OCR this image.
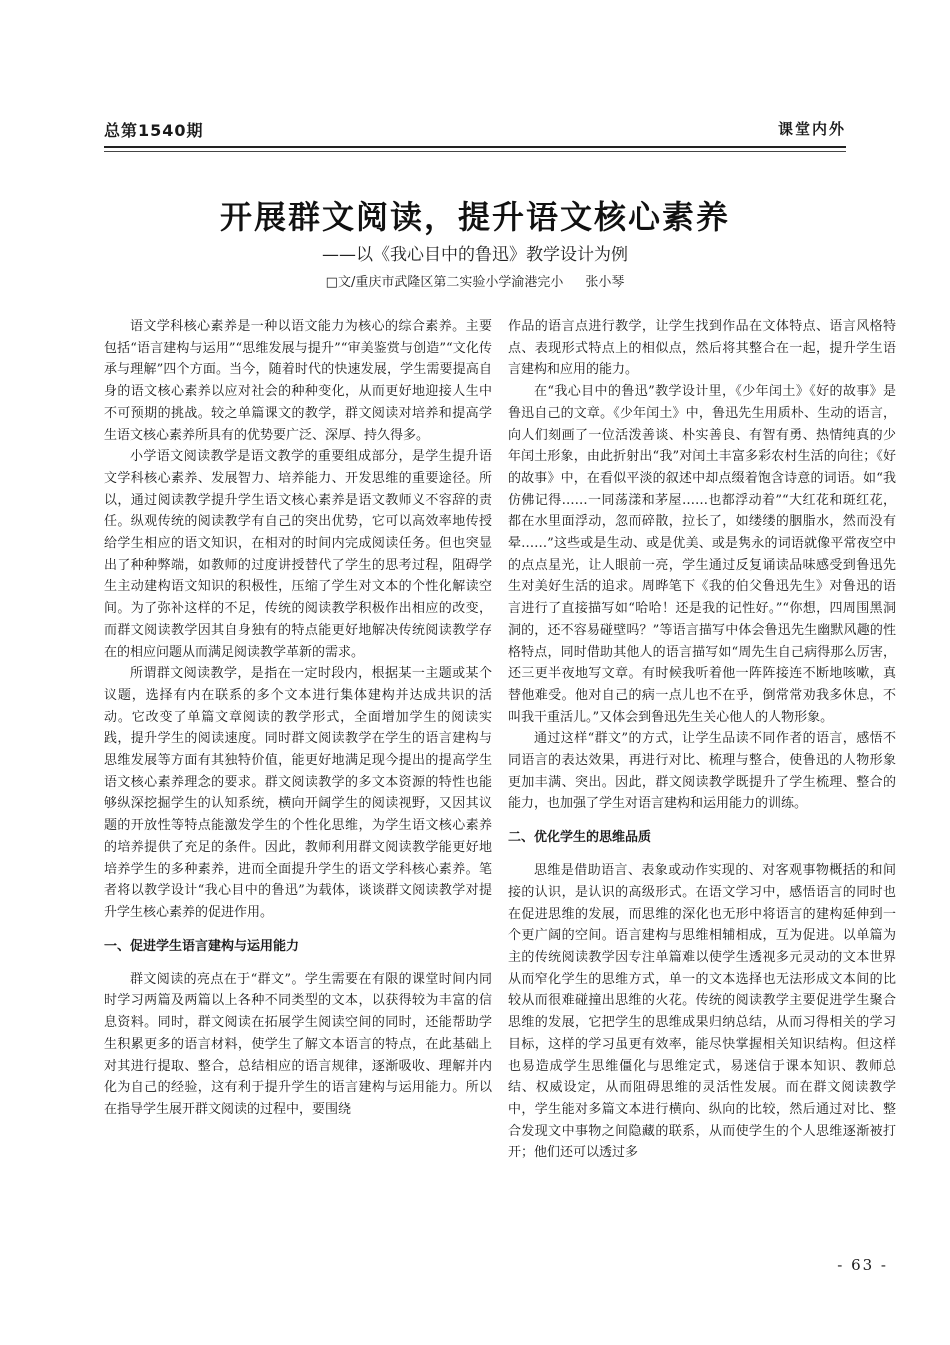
总第1540期	课堂内外
开展群文阅读，提升语文核心素养
——以《我心目中的鲁迅》教学设计为例
□文/重庆市武隆区第二实验小学渝港完小 张小琴

语文学科核心素养是一种以语文能力为核心的综合素养。主要包括“语言建构与运用”“思维发展与提升”“审美鉴赏与创造”“文化传承与理解”四个方面。当今，随着时代的快速发展，学生需要提高自身的语文核心素养以应对社会的种种变化，从而更好地迎接人生中不可预期的挑战。较之单篇课文的教学，群文阅读对培养和提高学生语文核心素养所具有的优势要广泛、深厚、持久得多。

小学语文阅读教学是语文教学的重要组成部分，是学生提升语文学科核心素养、发展智力、培养能力、开发思维的重要途径。所以，通过阅读教学提升学生语文核心素养是语文教师义不容辞的责任。纵观传统的阅读教学有自己的突出优势，它可以高效率地传授给学生相应的语文知识，在相对的时间内完成阅读任务。但也突显出了种种弊端，如教师的过度讲授替代了学生的思考过程，阻碍学生主动建构语文知识的积极性，压缩了学生对文本的个性化解读空间。为了弥补这样的不足，传统的阅读教学积极作出相应的改变，而群文阅读教学因其自身独有的特点能更好地解决传统阅读教学存在的相应问题从而满足阅读教学革新的需求。

所谓群文阅读教学，是指在一定时段内，根据某一主题或某个议题，选择有内在联系的多个文本进行集体建构并达成共识的活动。它改变了单篇文章阅读的教学形式，全面增加学生的阅读实践，提升学生的阅读速度。同时群文阅读教学在学生的语言建构与思维发展等方面有其独特价值，能更好地满足现今提出的提高学生语文核心素养理念的要求。群文阅读教学的多文本资源的特性也能够纵深挖掘学生的认知系统，横向开阔学生的阅读视野，又因其议题的开放性等特点能激发学生的个性化思维，为学生语文核心素养的培养提供了充足的条件。因此，教师利用群文阅读教学能更好地培养学生的多种素养，进而全面提升学生的语文学科核心素养。笔者将以教学设计“我心目中的鲁迅”为载体，谈谈群文阅读教学对提升学生核心素养的促进作用。

一、促进学生语言建构与运用能力

群文阅读的亮点在于“群文”。学生需要在有限的课堂时间内同时学习两篇及两篇以上各种不同类型的文本，以获得较为丰富的信息资料。同时，群文阅读在拓展学生阅读空间的同时，还能帮助学生积累更多的语言材料，使学生了解文本语言的特点，在此基础上对其进行提取、整合，总结相应的语言规律，逐渐吸收、理解并内化为自己的经验，这有利于提升学生的语言建构与运用能力。所以在指导学生展开群文阅读的过程中，要围绕

作品的语言点进行教学，让学生找到作品在文体特点、语言风格特点、表现形式特点上的相似点，然后将其整合在一起，提升学生语言建构和应用的能力。

在“我心目中的鲁迅”教学设计里，《少年闰土》《好的故事》是鲁迅自己的文章。《少年闰土》中，鲁迅先生用质朴、生动的语言，向人们刻画了一位活泼善谈、朴实善良、有智有勇、热情纯真的少年闰土形象，由此折射出“我”对闰土丰富多彩农村生活的向往；《好的故事》中，在看似平淡的叙述中却点缀着饱含诗意的词语。如“我仿佛记得……一同荡漾和茅屋……也都浮动着”“大红花和斑红花，都在水里面浮动，忽而碎散，拉长了，如缕缕的胭脂水，然而没有晕……”这些或是生动、或是优美、或是隽永的词语就像平常夜空中的点点星光，让人眼前一亮，学生通过反复诵读品味感受到鲁迅先生对美好生活的追求。周晔笔下《我的伯父鲁迅先生》对鲁迅的语言进行了直接描写如“哈哈！还是我的记性好。”“你想，四周围黑洞洞的，还不容易碰壁吗？”等语言描写中体会鲁迅先生幽默风趣的性格特点，同时借助其他人的语言描写如“周先生自己病得那么厉害，还三更半夜地写文章。有时候我听着他一阵阵接连不断地咳嗽，真替他难受。他对自己的病一点儿也不在乎，倒常常劝我多休息，不叫我干重活儿。”又体会到鲁迅先生关心他人的人物形象。

通过这样“群文”的方式，让学生品读不同作者的语言，感悟不同语言的表达效果，再进行对比、梳理与整合，使鲁迅的人物形象更加丰满、突出。因此，群文阅读教学既提升了学生梳理、整合的能力，也加强了学生对语言建构和运用能力的训练。

二、优化学生的思维品质

思维是借助语言、表象或动作实现的、对客观事物概括的和间接的认识，是认识的高级形式。在语文学习中，感悟语言的同时也在促进思维的发展，而思维的深化也无形中将语言的建构延伸到一个更广阔的空间。语言建构与思维相辅相成，互为促进。以单篇为主的传统阅读教学因专注单篇难以使学生透视多元灵动的文本世界从而窄化学生的思维方式，单一的文本选择也无法形成文本间的比较从而很难碰撞出思维的火花。传统的阅读教学主要促进学生聚合思维的发展，它把学生的思维成果归纳总结，从而习得相关的学习目标，这样的学习虽更有效率，能尽快掌握相关知识结构。但这样也易造成学生思维僵化与思维定式，易迷信于课本知识、教师总结、权威设定，从而阻碍思维的灵活性发展。而在群文阅读教学中，学生能对多篇文本进行横向、纵向的比较，然后通过对比、整合发现文中事物之间隐藏的联系，从而使学生的个人思维逐渐被打开；他们还可以透过多

- 63 -
